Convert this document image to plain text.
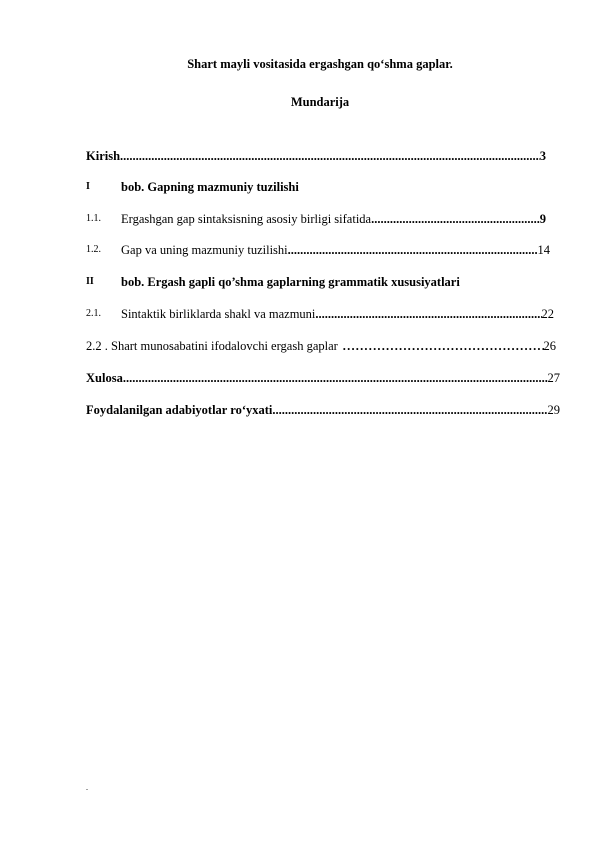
Shart mayli vositasida ergashgan qo‘shma gaplar.
Mundarija
Kirish .....	3
I	bob. Gapning mazmuniy tuzilishi
1.1.	Ergashgan gap sintaksisning asosiy birligi sifatida .....	9
1.2.	Gap va uning mazmuniy tuzilishi .....	14
II	bob. Ergash gapli qo’shma gaplarning grammatik xususiyatlari
2.1.	Sintaktik birliklarda shakl va mazmuni .....	22
2.2 . Shart munosabatini ifodalovchi ergash gaplar .....	26
Xulosa .....	27
Foydalanilgan adabiyotlar ro‘yxati .....	29
.
